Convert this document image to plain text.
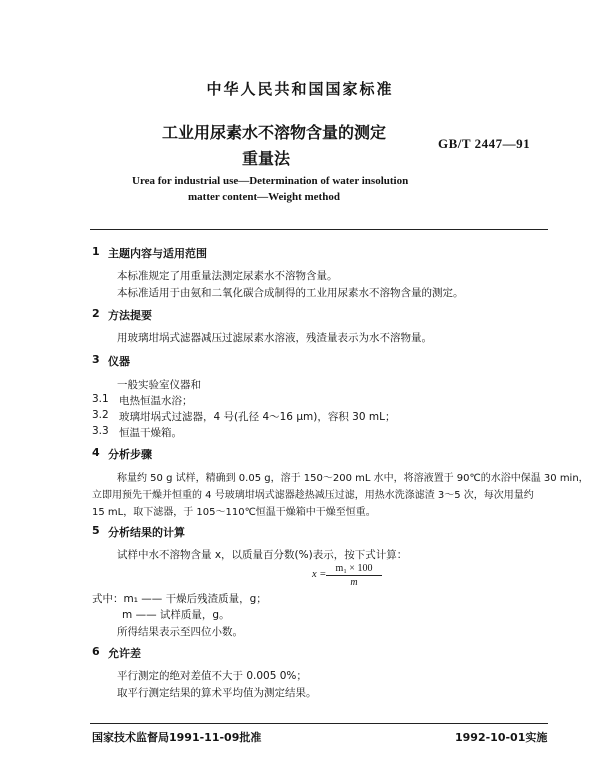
中华人民共和国国家标准
工业用尿素水不溶物含量的测定
重量法
GB/T 2447—91
Urea for industrial use—Determination of water insolution
matter content—Weight method
1 主题内容与适用范围
本标准规定了用重量法测定尿素水不溶物含量。
本标准适用于由氨和二氧化碳合成制得的工业用尿素水不溶物含量的测定。
2 方法提要
用玻璃坩埚式滤器减压过滤尿素水溶液，残渣量表示为水不溶物量。
3 仪器
一般实验室仪器和
3.1 电热恒温水浴；
3.2 玻璃坩埚式过滤器，4 号(孔径 4～16 μm)，容积 30 mL；
3.3 恒温干燥箱。
4 分析步骤
称量约 50 g 试样，精确到 0.05 g，溶于 150～200 mL 水中，将溶液置于 90℃的水浴中保温 30 min，
立即用预先干燥并恒重的 4 号玻璃坩埚式滤器趁热减压过滤，用热水洗涤滤渣 3～5 次，每次用量约
15 mL，取下滤器，于 105～110℃恒温干燥箱中干燥至恒重。
5 分析结果的计算
试样中水不溶物含量 x，以质量百分数(%)表示，按下式计算：
$x = \frac{\text{m₁ × 100}}{m}$
式中：m₁ —— 干燥后残渣质量，g；
m —— 试样质量，g。
所得结果表示至四位小数。
6 允许差
平行测定的绝对差值不大于 0.005 0%；
取平行测定结果的算术平均值为测定结果。
国家技术监督局1991-11-09批准	1992-10-01实施
